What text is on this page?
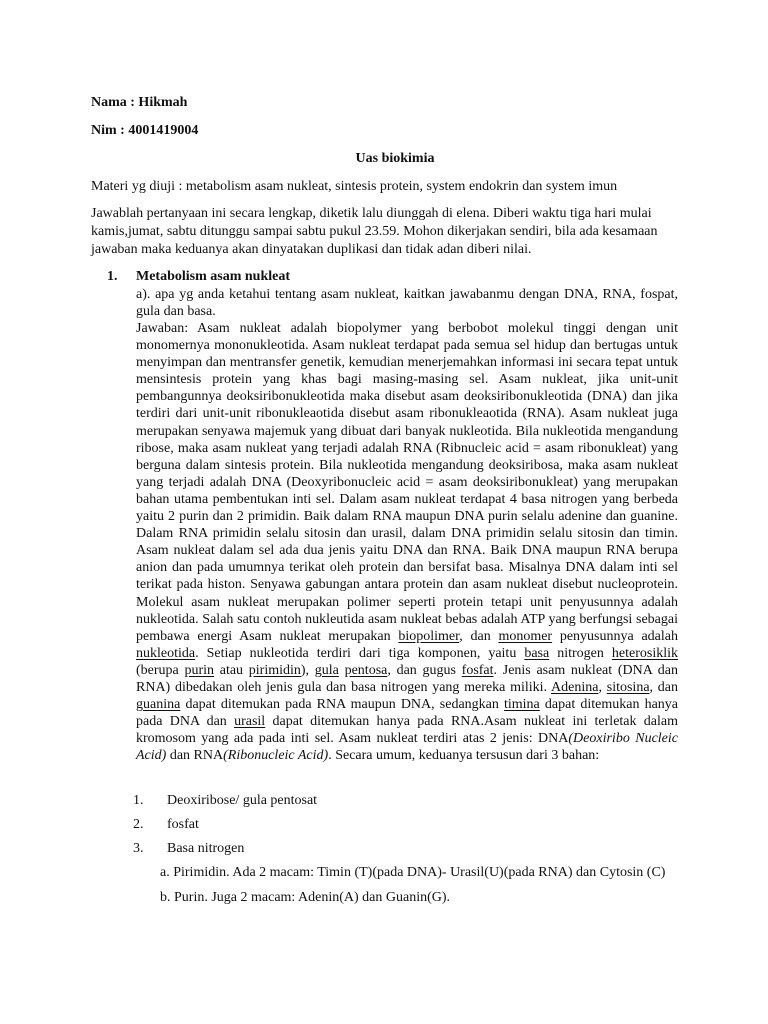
Nama : Hikmah
Nim : 4001419004
Uas biokimia
Materi yg diuji : metabolism asam nukleat, sintesis protein, system endokrin dan system imun
Jawablah pertanyaan ini secara lengkap, diketik lalu diunggah di elena. Diberi waktu tiga hari mulai kamis,jumat, sabtu ditunggu sampai sabtu pukul 23.59. Mohon dikerjakan sendiri, bila ada kesamaan jawaban maka keduanya akan dinyatakan duplikasi dan tidak adan diberi nilai.
1. Metabolism asam nukleat
a). apa yg anda ketahui tentang asam nukleat, kaitkan jawabanmu dengan DNA, RNA, fospat, gula dan basa.
Jawaban: Asam nukleat adalah biopolymer yang berbobot molekul tinggi dengan unit monomernya mononukleotida. Asam nukleat terdapat pada semua sel hidup dan bertugas untuk menyimpan dan mentransfer genetik, kemudian menerjemahkan informasi ini secara tepat untuk mensintesis protein yang khas bagi masing-masing sel. Asam nukleat, jika unit-unit pembangunnya deoksiribonukleotida maka disebut asam deoksiribonukleotida (DNA) dan jika terdiri dari unit-unit ribonukleaotida disebut asam ribonukleaotida (RNA). Asam nukleat juga merupakan senyawa majemuk yang dibuat dari banyak nukleotida. Bila nukleotida mengandung ribose, maka asam nukleat yang terjadi adalah RNA (Ribnucleic acid = asam ribonukleat) yang berguna dalam sintesis protein. Bila nukleotida mengandung deoksiribosa, maka asam nukleat yang terjadi adalah DNA (Deoxyribonucleic acid = asam deoksiribonukleat) yang merupakan bahan utama pembentukan inti sel. Dalam asam nukleat terdapat 4 basa nitrogen yang berbeda yaitu 2 purin dan 2 primidin. Baik dalam RNA maupun DNA purin selalu adenine dan guanine. Dalam RNA primidin selalu sitosin dan urasil, dalam DNA primidin selalu sitosin dan timin. Asam nukleat dalam sel ada dua jenis yaitu DNA dan RNA. Baik DNA maupun RNA berupa anion dan pada umumnya terikat oleh protein dan bersifat basa. Misalnya DNA dalam inti sel terikat pada histon. Senyawa gabungan antara protein dan asam nukleat disebut nucleoprotein. Molekul asam nukleat merupakan polimer seperti protein tetapi unit penyusunnya adalah nukleotida. Salah satu contoh nukleutida asam nukleat bebas adalah ATP yang berfungsi sebagai pembawa energi Asam nukleat merupakan biopolimer, dan monomer penyusunnya adalah nukleotida. Setiap nukleotida terdiri dari tiga komponen, yaitu basa nitrogen heterosiklik (berupa purin atau pirimidin), gula pentosa, dan gugus fosfat. Jenis asam nukleat (DNA dan RNA) dibedakan oleh jenis gula dan basa nitrogen yang mereka miliki. Adenina, sitosina, dan guanina dapat ditemukan pada RNA maupun DNA, sedangkan timina dapat ditemukan hanya pada DNA dan urasil dapat ditemukan hanya pada RNA.Asam nukleat ini terletak dalam kromosom yang ada pada inti sel. Asam nukleat terdiri atas 2 jenis: DNA(Deoxiribo Nucleic Acid) dan RNA(Ribonucleic Acid). Secara umum, keduanya tersusun dari 3 bahan:
1. Deoxiribose/ gula pentosat
2. fosfat
3. Basa nitrogen
a. Pirimidin. Ada 2 macam: Timin (T)(pada DNA)- Urasil(U)(pada RNA) dan Cytosin (C)
b. Purin. Juga 2 macam: Adenin(A) dan Guanin(G).
